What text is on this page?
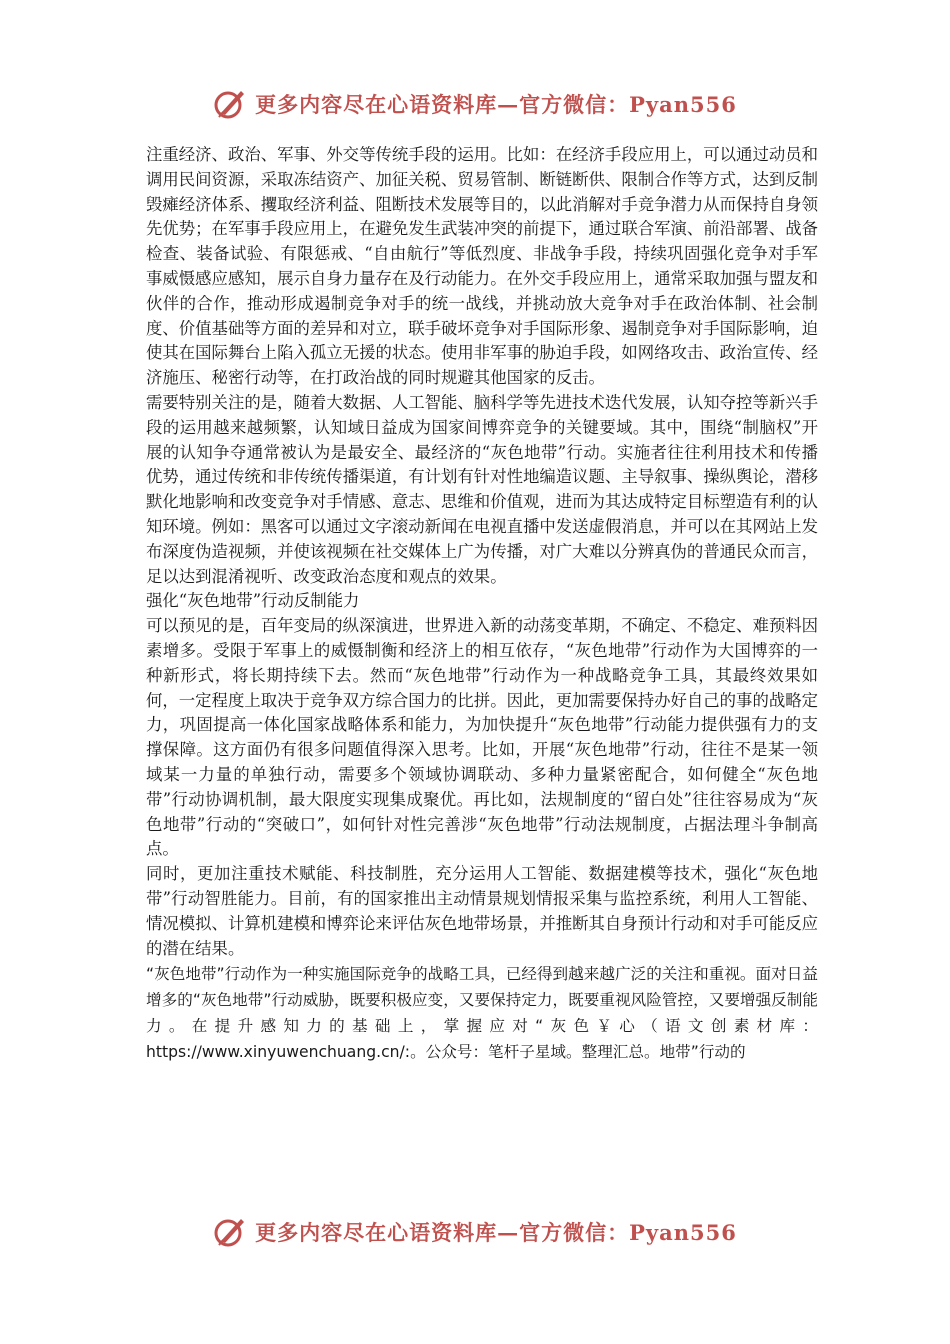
更多内容尽在心语资料库—官方微信：Pyan556

注重经济、政治、军事、外交等传统手段的运用。比如：在经济手段应用上，可以通过动员和调用民间资源，采取冻结资产、加征关税、贸易管制、断链断供、限制合作等方式，达到反制毁瘫经济体系、攫取经济利益、阻断技术发展等目的，以此消解对手竞争潜力从而保持自身领先优势；在军事手段应用上，在避免发生武装冲突的前提下，通过联合军演、前沿部署、战备检查、装备试验、有限惩戒、“自由航行”等低烈度、非战争手段，持续巩固强化竞争对手军事威慑感应感知，展示自身力量存在及行动能力。在外交手段应用上，通常采取加强与盟友和伙伴的合作，推动形成遏制竞争对手的统一战线，并挑动放大竞争对手在政治体制、社会制度、价值基础等方面的差异和对立，联手破坏竞争对手国际形象、遏制竞争对手国际影响，迫使其在国际舞台上陷入孤立无援的状态。使用非军事的胁迫手段，如网络攻击、政治宣传、经济施压、秘密行动等，在打政治战的同时规避其他国家的反击。

需要特别关注的是，随着大数据、人工智能、脑科学等先进技术迭代发展，认知夺控等新兴手段的运用越来越频繁，认知域日益成为国家间博弈竞争的关键要域。其中，围绕“制脑权”开展的认知争夺通常被认为是最安全、最经济的“灰色地带”行动。实施者往往利用技术和传播优势，通过传统和非传统传播渠道，有计划有针对性地编造议题、主导叙事、操纵舆论，潜移默化地影响和改变竞争对手情感、意志、思维和价值观，进而为其达成特定目标塑造有利的认知环境。例如：黑客可以通过文字滚动新闻在电视直播中发送虚假消息，并可以在其网站上发布深度伪造视频，并使该视频在社交媒体上广为传播，对广大难以分辨真伪的普通民众而言，足以达到混淆视听、改变政治态度和观点的效果。

强化“灰色地带”行动反制能力

可以预见的是，百年变局的纵深演进，世界进入新的动荡变革期，不确定、不稳定、难预料因素增多。受限于军事上的威慑制衡和经济上的相互依存，“灰色地带”行动作为大国博弈的一种新形式，将长期持续下去。然而“灰色地带”行动作为一种战略竞争工具，其最终效果如何，一定程度上取决于竞争双方综合国力的比拼。因此，更加需要保持办好自己的事的战略定力，巩固提高一体化国家战略体系和能力，为加快提升“灰色地带”行动能力提供强有力的支撑保障。这方面仍有很多问题值得深入思考。比如，开展“灰色地带”行动，往往不是某一领域某一力量的单独行动，需要多个领域协调联动、多种力量紧密配合，如何健全“灰色地带”行动协调机制，最大限度实现集成聚优。再比如，法规制度的“留白处”往往容易成为“灰色地带”行动的“突破口”，如何针对性完善涉“灰色地带”行动法规制度，占据法理斗争制高点。

同时，更加注重技术赋能、科技制胜，充分运用人工智能、数据建模等技术，强化“灰色地带”行动智胜能力。目前，有的国家推出主动情景规划情报采集与监控系统，利用人工智能、情况模拟、计算机建模和博弈论来评估灰色地带场景，并推断其自身预计行动和对手可能反应的潜在结果。

“灰色地带”行动作为一种实施国际竞争的战略工具，已经得到越来越广泛的关注和重视。面对日益增多的“灰色地带”行动威胁，既要积极应变，又要保持定力，既要重视风险管控，又要增强反制能力。在提升感知力的基础上，掌握应对“灰色￥心（语文创素材库：https://www.xinyuwenchuang.cn/:。公众号：笔杆子星域。整理汇总。地带”行动的

更多内容尽在心语资料库—官方微信：Pyan556
